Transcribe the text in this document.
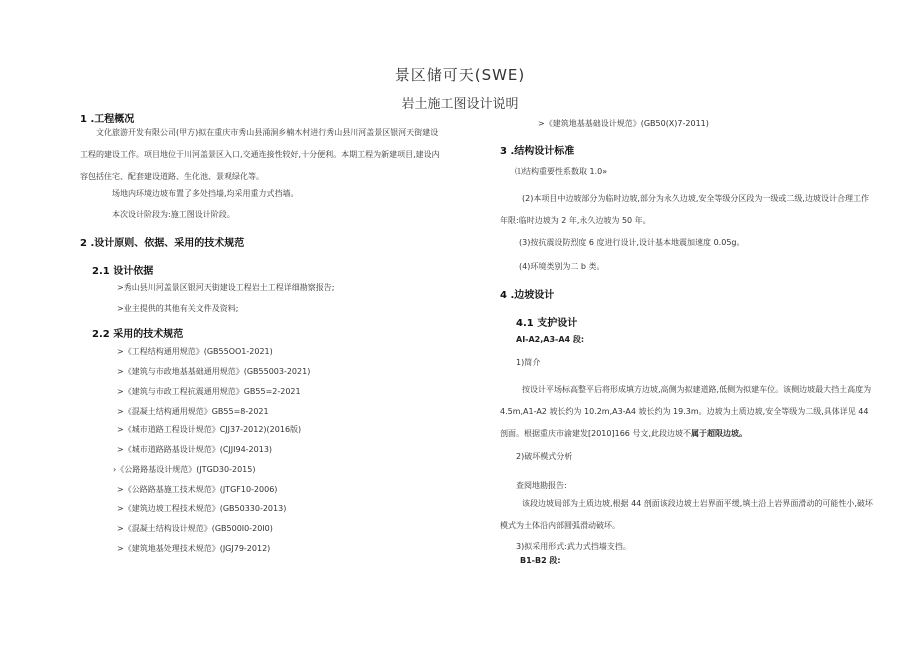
景区储可天(SWE)
岩土施工图设计说明
1 .工程概况
文化旅游开发有限公司(甲方)拟在重庆市秀山县涌洞乡楠木村进行秀山县川河盖景区银河天街建设工程的建设工作。项目地位于川河盖景区入口,交通连接性较好,十分便利。本期工程为新建项目,建设内容包括住宅、配套建设道路、生化池、景观绿化等。
场地内环境边坡布置了多处挡墙,均采用重力式挡墙。
本次设计阶段为:施工图设计阶段。
2 .设计原则、依据、采用的技术规范
2.1 设计依据
>秀山县川河盖景区银河天街建设工程岩土工程详细勘察报告;
>业主提供的其他有关文件及资料;
2.2 采用的技术规范
>《工程结构通用规范》(GB55OO1-2021)
>《建筑与市政地基基础通用规范》(GB55003-2021)
>《建筑与市政工程抗震通用规范》GB55=2-2021
>《混凝土结构通用规范》GB55=8-2021
>《城市道路工程设计规范》CJJ37-2012)(2016版)
>《城市道路路基设计规范》(CJJI94-2013)
›《公路路基设计规范》(JTGD30-2015)
>《公路路基施工技术规范》(JTGF10-2006)
>《建筑边坡工程技术规范》(GB50330-2013)
>《混凝土结构设计规范》(GB500I0-20I0)
>《建筑地基处理技术规范》(JGJ79-2012)
>《建筑地基基础设计规范》(GB50(X)7-2011)
3 .结构设计标准
⑴结构重要性系数取 1.0»
(2)本项目中边坡部分为临时边坡,部分为永久边坡,安全等级分区段为一级或二级,边坡设计合理工作年限:临时边坡为 2 年,永久边坡为 50 年。
(3)按抗震设防烈度 6 度进行设计,设计基本地震加速度 0.05g。
(4)环境类别为二 b 类。
4 .边坡设计
4.1 支护设计
AI-A2,A3-A4 段:
1)简介
按设计平场标高整平后将形成填方边坡,高侧为拟建道路,低侧为拟建车位。该侧边坡最大挡土高度为 4.5m,A1-A2 坡长约为 10.2m,A3-A4 坡长约为 19.3m。边坡为土质边坡,安全等级为二级,具体详见 44 剖面。根据重庆市渝建发[2010]166 号文,此段边坡不属于超限边坡。
2)破坏模式分析
查阅地勘报告:
该段边坡局部为土质边坡,根据 44 剖面该段边坡土岩界面平缓,填土沿上岩界面滑动的可能性小,破坏模式为土体沿内部圆弧滑动破坏。
3)拟采用形式:武力式挡墙支挡。
B1-B2 段:
